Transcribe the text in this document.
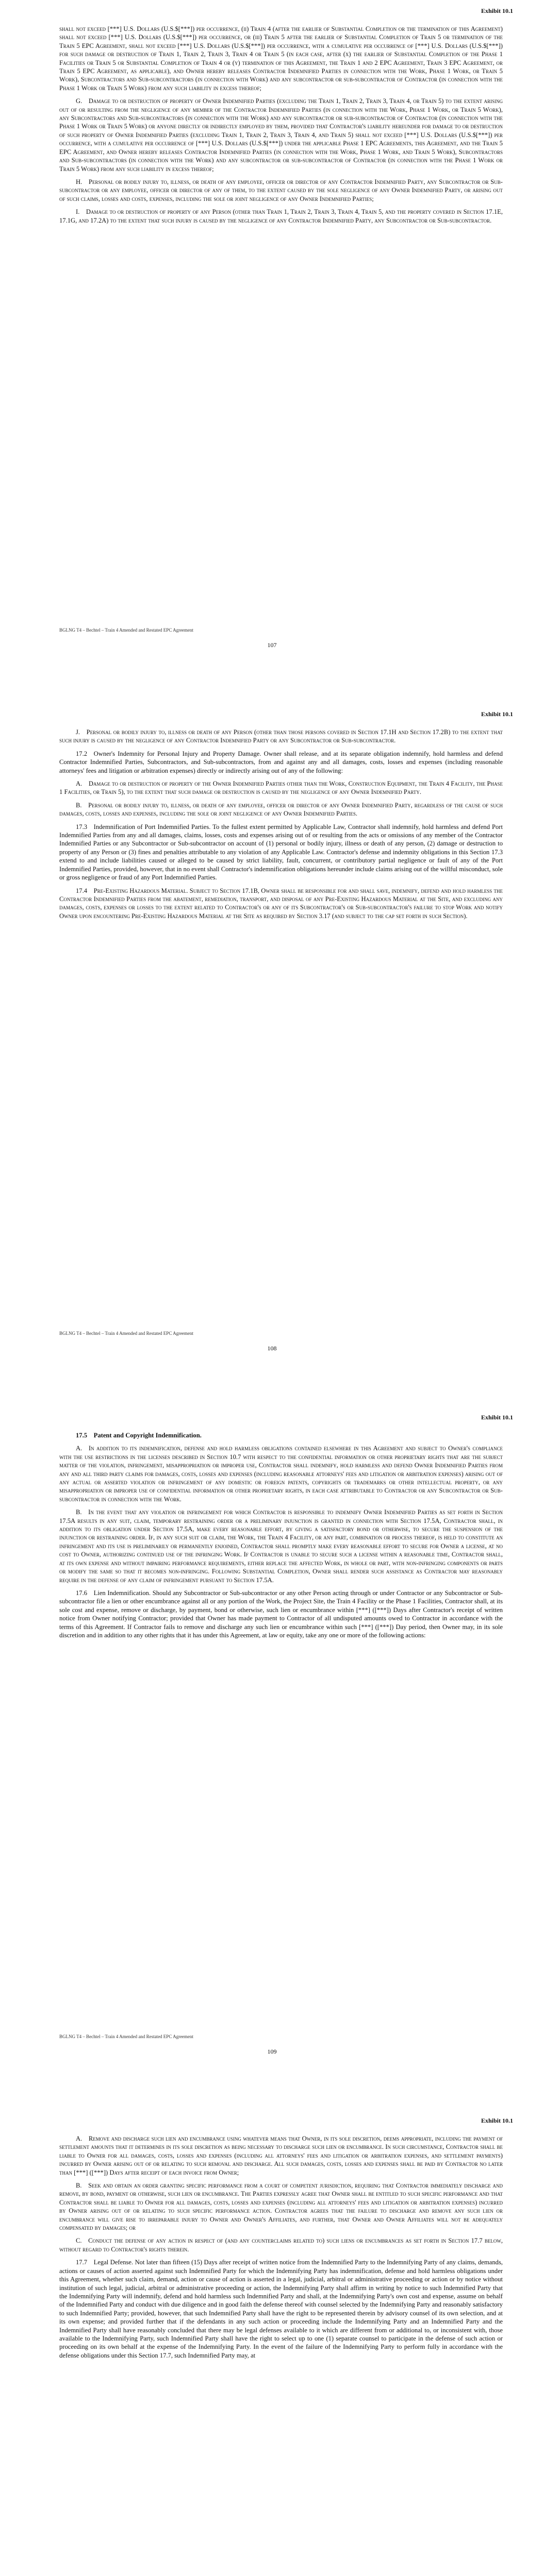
Exhibit 10.1

shall not exceed [***] U.S. Dollars (U.S.$[***]) per occurrence, (ii) Train 4 (after the earlier of Substantial Completion or the termination of this Agreement) shall not exceed [***] U.S. Dollars (U.S.$[***]) per occurrence, or (iii) Train 5 after the earlier of Substantial Completion of Train 5 or termination of the Train 5 EPC Agreement, shall not exceed [***] U.S. Dollars (U.S.$[***]) per occurrence, with a cumulative per occurrence of [***] U.S. Dollars (U.S.$[***]) for such damage or destruction of Train 1, Train 2, Train 3, Train 4 or Train 5 (in each case, after (x) the earlier of Substantial Completion of the Phase 1 Facilities or Train 5 or Substantial Completion of Train 4 or (y) termination of this Agreement, the Train 1 and 2 EPC Agreement, Train 3 EPC Agreement, or Train 5 EPC Agreement, as applicable), and Owner hereby releases Contractor Indemnified Parties in connection with the Work, Phase 1 Work, or Train 5 Work), Subcontractors and Sub-subcontractors (in connection with Work) and any subcontractor or sub-subcontractor of Contractor (in connection with the Phase 1 Work or Train 5 Work) from any such liability in excess thereof;

G. Damage to or destruction of property of Owner Indemnified Parties (excluding the Train 1, Train 2, Train 3, Train 4, or Train 5) to the extent arising out of or resulting from the negligence of any member of the Contractor Indemnified Parties (in connection with the Work, Phase 1 Work, or Train 5 Work), any Subcontractors and Sub-subcontractors (in connection with the Work) and any subcontractor or sub-subcontractor of Contractor (in connection with the Phase 1 Work or Train 5 Work) or anyone directly or indirectly employed by them, provided that Contractor's liability hereunder for damage to or destruction of such property of Owner Indemnified Parties (excluding Train 1, Train 2, Train 3, Train 4, and Train 5) shall not exceed [***] U.S. Dollars (U.S.$[***]) per occurrence, with a cumulative per occurrence of [***] U.S. Dollars (U.S.$[***]) under the applicable Phase 1 EPC Agreements, this Agreement, and the Train 5 EPC Agreement, and Owner hereby releases Contractor Indemnified Parties (in connection with the Work, Phase 1 Work, and Train 5 Work), Subcontractors and Sub-subcontractors (in connection with the Work) and any subcontractor or sub-subcontractor of Contractor (in connection with the Phase 1 Work or Train 5 Work) from any such liability in excess thereof;

H. Personal or bodily injury to, illness, or death of any employee, officer or director of any Contractor Indemnified Party, any Subcontractor or Sub-subcontractor or any employee, officer or director of any of them, to the extent caused by the sole negligence of any Owner Indemnified Party, or arising out of such claims, losses and costs, expenses, including the sole or joint negligence of any Owner Indemnified Parties;

I. Damage to or destruction of property of any Person (other than Train 1, Train 2, Train 3, Train 4, Train 5, and the property covered in Section 17.1E, 17.1G, and 17.2A) to the extent that such injury is caused by the negligence of any Contractor Indemnified Party, any Subcontractor or Sub-subcontractor.

BGLNG T4 – Bechtel – Train 4 Amended and Restated EPC Agreement
107
Exhibit 10.1

J. Personal or bodily injury to, illness or death of any Person (other than those persons covered in Section 17.1H and Section 17.2B) to the extent that such injury is caused by the negligence of any Contractor Indemnified Party or any Subcontractor or Sub-subcontractor.

17.2 Owner's Indemnity for Personal Injury and Property Damage. Owner shall release, and at its separate obligation indemnify, hold harmless and defend Contractor Indemnified Parties, Subcontractors, and Sub-subcontractors, from and against any and all damages, costs, losses and expenses (including reasonable attorneys' fees and litigation or arbitration expenses) directly or indirectly arising out of any of the following:

A. Damage to or destruction of property of the Owner Indemnified Parties other than the Work, Construction Equipment, the Train 4 Facility, the Phase 1 Facilities, or Train 5), to the extent that such damage or destruction is caused by the negligence of any Owner Indemnified Party.

B. Personal or bodily injury to, illness, or death of any employee, officer or director of any Owner Indemnified Party, regardless of the cause of such damages, costs, losses and expenses, including the sole or joint negligence of any Owner Indemnified Parties.

17.3 Indemnification of Port Indemnified Parties. To the fullest extent permitted by Applicable Law, Contractor shall indemnify, hold harmless and defend Port Indemnified Parties from any and all damages, claims, losses, costs and expenses arising out of or resulting from the acts or omissions of any member of the Contractor Indemnified Parties or any Subcontractor or Sub-subcontractor on account of (1) personal or bodily injury, illness or death of any person, (2) damage or destruction to property of any Person or (3) fines and penalties attributable to any violation of any Applicable Law. Contractor's defense and indemnity obligations in this Section 17.3 extend to and include liabilities caused or alleged to be caused by strict liability, fault, concurrent, or contributory partial negligence or fault of any of the Port Indemnified Parties, provided, however, that in no event shall Contractor's indemnification obligations hereunder include claims arising out of the willful misconduct, sole or gross negligence or fraud of any Port Indemnified Parties.

17.4 Pre-Existing Hazardous Material. Subject to Section 17.1B, Owner shall be responsible for and shall save, indemnify, defend and hold harmless the Contractor Indemnified Parties from the abatement, remediation, transport, and disposal of any Pre-Existing Hazardous Material at the Site, and excluding any damages, costs, expenses or losses to the extent related to Contractor's or any of its Subcontractor's or Sub-subcontractor's failure to stop Work and notify Owner upon encountering Pre-Existing Hazardous Material at the Site as required by Section 3.17 (and subject to the cap set forth in such Section).

BGLNG T4 – Bechtel – Train 4 Amended and Restated EPC Agreement
108
Exhibit 10.1

17.5 Patent and Copyright Indemnification.

A. In addition to its indemnification, defense and hold harmless obligations contained elsewhere in this Agreement and subject to Owner's compliance with the use restrictions in the licenses described in Section 10.7 with respect to the confidential information or other proprietary rights that are the subject matter of the violation, infringement, misappropriation or improper use, Contractor shall indemnify, hold harmless and defend Owner Indemnified Parties from any and all third party claims for damages, costs, losses and expenses (including reasonable attorneys' fees and litigation or arbitration expenses) arising out of any actual or asserted violation or infringement of any domestic or foreign patents, copyrights or trademarks or other intellectual property, or any misappropriation or improper use of confidential information or other proprietary rights, in each case attributable to Contractor or any Subcontractor or Sub-subcontractor in connection with the Work.

B. In the event that any violation or infringement for which Contractor is responsible to indemnify Owner Indemnified Parties as set forth in Section 17.5A results in any suit, claim, temporary restraining order or a preliminary injunction is granted in connection with Section 17.5A, Contractor shall, in addition to its obligation under Section 17.5A, make every reasonable effort, by giving a satisfactory bond or otherwise, to secure the suspension of the injunction or restraining order. If, in any such suit or claim, the Work, the Train 4 Facility, or any part, combination or process thereof, is held to constitute an infringement and its use is preliminarily or permanently enjoined, Contractor shall promptly make every reasonable effort to secure for Owner a license, at no cost to Owner, authorizing continued use of the infringing Work. If Contractor is unable to secure such a license within a reasonable time, Contractor shall, at its own expense and without impairing performance requirements, either replace the affected Work, in whole or part, with non-infringing components or parts or modify the same so that it becomes non-infringing. Following Substantial Completion, Owner shall render such assistance as Contractor may reasonably require in the defense of any claim of infringement pursuant to Section 17.5A.

17.6 Lien Indemnification. Should any Subcontractor or Sub-subcontractor or any other Person acting through or under Contractor or any Subcontractor or Sub-subcontractor file a lien or other encumbrance against all or any portion of the Work, the Project Site, the Train 4 Facility or the Phase 1 Facilities, Contractor shall, at its sole cost and expense, remove or discharge, by payment, bond or otherwise, such lien or encumbrance within [***] ([***]) Days after Contractor's receipt of written notice from Owner notifying Contractor; provided that Owner has made payment to Contractor of all undisputed amounts owed to Contractor in accordance with the terms of this Agreement. If Contractor fails to remove and discharge any such lien or encumbrance within such [***] ([***]) Day period, then Owner may, in its sole discretion and in addition to any other rights that it has under this Agreement, at law or equity, take any one or more of the following actions:

BGLNG T4 – Bechtel – Train 4 Amended and Restated EPC Agreement
109
Exhibit 10.1

A. Remove and discharge such lien and encumbrance using whatever means that Owner, in its sole discretion, deems appropriate, including the payment of settlement amounts that it determines in its sole discretion as being necessary to discharge such lien or encumbrance. In such circumstance, Contractor shall be liable to Owner for all damages, costs, losses and expenses (including all attorneys' fees and litigation or arbitration expenses, and settlement payments) incurred by Owner arising out of or relating to such removal and discharge. All such damages, costs, losses and expenses shall be paid by Contractor no later than [***] ([***]) Days after receipt of each invoice from Owner;

B. Seek and obtain an order granting specific performance from a court of competent jurisdiction, requiring that Contractor immediately discharge and remove, by bond, payment or otherwise, such lien or encumbrance. The Parties expressly agree that Owner shall be entitled to such specific performance and that Contractor shall be liable to Owner for all damages, costs, losses and expenses (including all attorneys' fees and litigation or arbitration expenses) incurred by Owner arising out of or relating to such specific performance action. Contractor agrees that the failure to discharge and remove any such lien or encumbrance will give rise to irreparable injury to Owner and Owner's Affiliates, and further, that Owner and Owner Affiliates will not be adequately compensated by damages; or

C. Conduct the defense of any action in respect of (and any counterclaims related to) such liens or encumbrances as set forth in Section 17.7 below, without regard to Contractor's rights therein.

17.7 Legal Defense. Not later than fifteen (15) Days after receipt of written notice from the Indemnified Party to the Indemnifying Party of any claims, demands, actions or causes of action asserted against such Indemnified Party for which the Indemnifying Party has indemnification, defense and hold harmless obligations under this Agreement, whether such claim, demand, action or cause of action is asserted in a legal, judicial, arbitral or administrative proceeding or action or by notice without institution of such legal, judicial, arbitral or administrative proceeding or action, the Indemnifying Party shall affirm in writing by notice to such Indemnified Party that the Indemnifying Party will indemnify, defend and hold harmless such Indemnified Party and shall, at the Indemnifying Party's own cost and expense, assume on behalf of the Indemnified Party and conduct with due diligence and in good faith the defense thereof with counsel selected by the Indemnifying Party and reasonably satisfactory to such Indemnified Party; provided, however, that such Indemnified Party shall have the right to be represented therein by advisory counsel of its own selection, and at its own expense; and provided further that if the defendants in any such action or proceeding include the Indemnifying Party and an Indemnified Party and the Indemnified Party shall have reasonably concluded that there may be legal defenses available to it which are different from or additional to, or inconsistent with, those available to the Indemnifying Party, such Indemnified Party shall have the right to select up to one (1) separate counsel to participate in the defense of such action or proceeding on its own behalf at the expense of the Indemnifying Party. In the event of the failure of the Indemnifying Party to perform fully in accordance with the defense obligations under this Section 17.7, such Indemnified Party may, at
